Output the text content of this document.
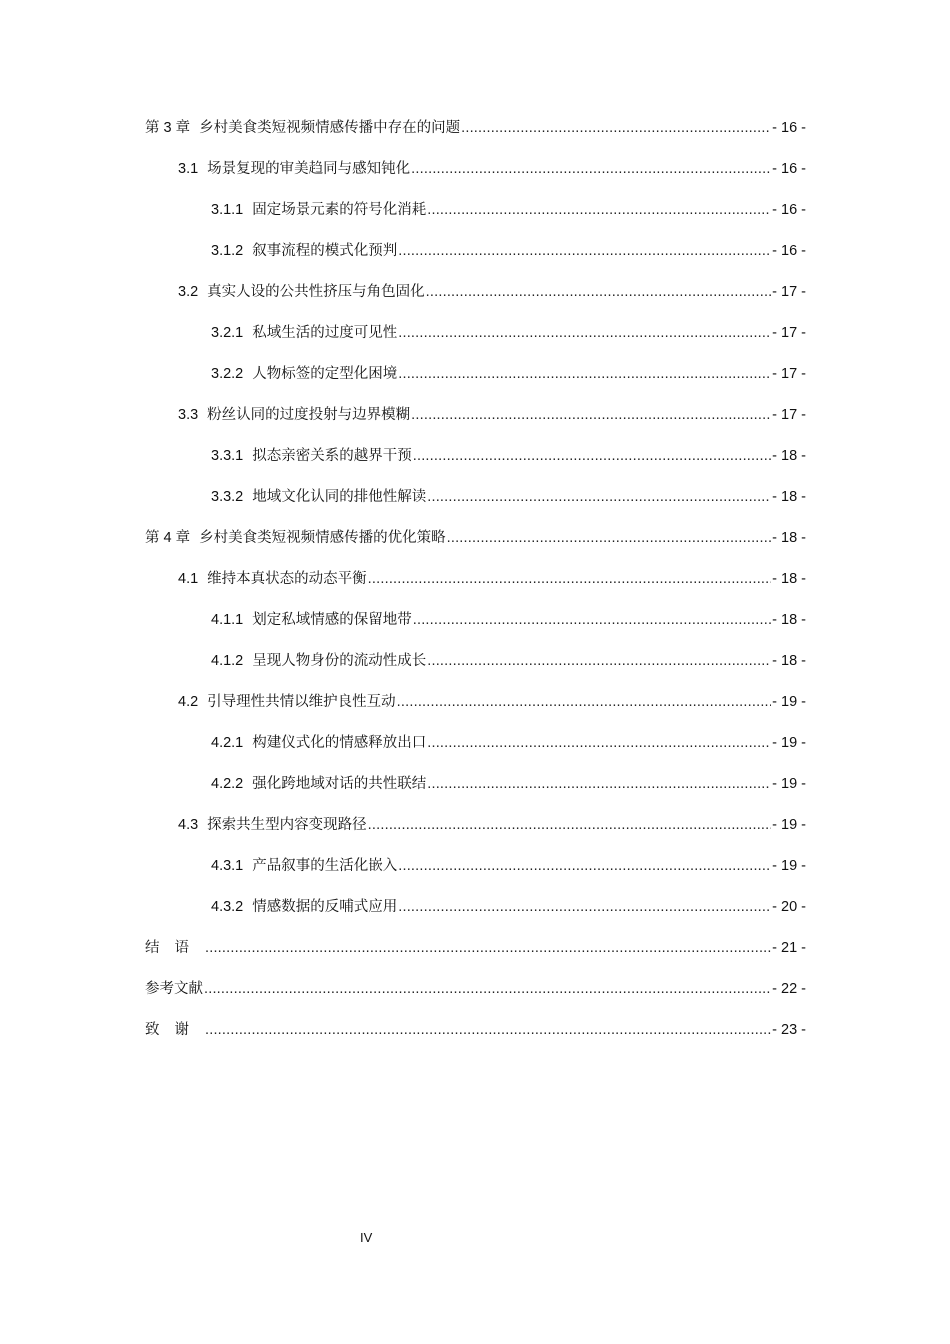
第 3 章 乡村美食类短视频情感传播中存在的问题 .....	- 16 -
3.1 场景复现的审美趋同与感知钝化 .....	- 16 -
3.1.1 固定场景元素的符号化消耗 .....	- 16 -
3.1.2 叙事流程的模式化预判 .....	- 16 -
3.2 真实人设的公共性挤压与角色固化 .....	- 17 -
3.2.1 私域生活的过度可见性 .....	- 17 -
3.2.2 人物标签的定型化困境 .....	- 17 -
3.3 粉丝认同的过度投射与边界模糊 .....	- 17 -
3.3.1 拟态亲密关系的越界干预 .....	- 18 -
3.3.2 地域文化认同的排他性解读 .....	- 18 -
第 4 章 乡村美食类短视频情感传播的优化策略 .....	- 18 -
4.1 维持本真状态的动态平衡 .....	- 18 -
4.1.1 划定私域情感的保留地带 .....	- 18 -
4.1.2 呈现人物身份的流动性成长 .....	- 18 -
4.2 引导理性共情以维护良性互动 .....	- 19 -
4.2.1 构建仪式化的情感释放出口 .....	- 19 -
4.2.2 强化跨地域对话的共性联结 .....	- 19 -
4.3 探索共生型内容变现路径 .....	- 19 -
4.3.1 产品叙事的生活化嵌入 .....	- 19 -
4.3.2 情感数据的反哺式应用 .....	- 20 -
结语 .....	- 21 -
参考文献 .....	- 22 -
致谢 .....	- 23 -
IV
